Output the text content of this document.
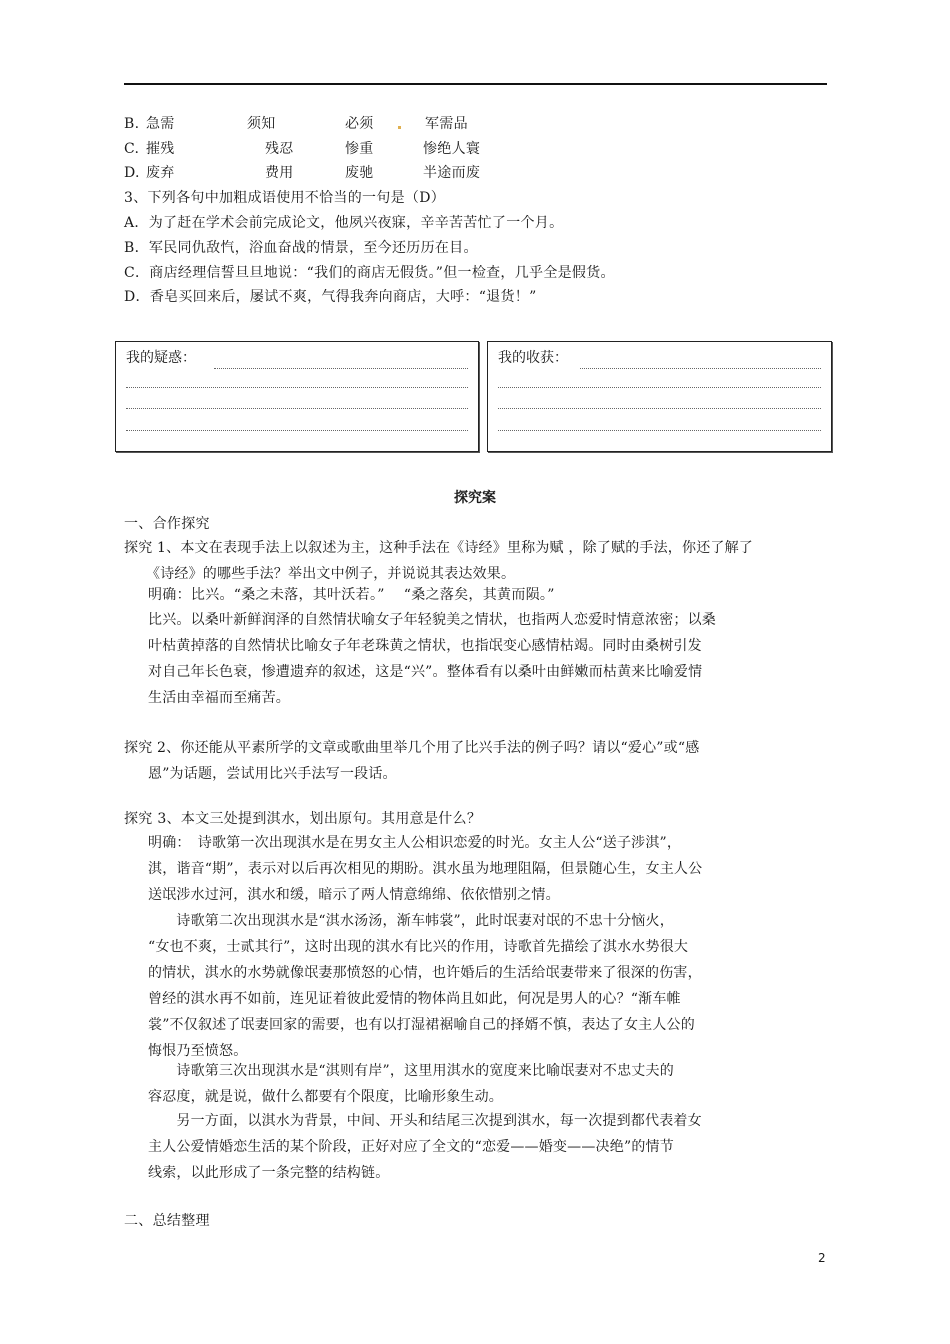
B. 急需	须知	必须	军需品
C. 摧残	残忍	惨重	惨绝人寰
D. 废弃	费用	废驰	半途而废
3、下列各句中加粗成语使用不恰当的一句是（D）
A．为了赶在学术会前完成论文，他夙兴夜寐，辛辛苦苦忙了一个月。
B．军民同仇敌忾，浴血奋战的情景，至今还历历在目。
C．商店经理信誓旦旦地说：“我们的商店无假货。”但一检查，几乎全是假货。
D．香皂买回来后，屡试不爽，气得我奔向商店，大呼：“退货！”
我的疑惑：	我的收获：
探究案
一、合作探究
探究 1、本文在表现手法上以叙述为主，这种手法在《诗经》里称为赋 ，除了赋的手法，你还了解了
《诗经》的哪些手法？举出文中例子，并说说其表达效果。
明确：比兴。“桑之未落，其叶沃若。”　 “桑之落矣，其黄而陨。”
比兴。以桑叶新鲜润泽的自然情状喻女子年轻貌美之情状，也指两人恋爱时情意浓密；以桑
叶枯黄掉落的自然情状比喻女子年老珠黄之情状，也指氓变心感情枯竭。同时由桑树引发
对自己年长色衰，惨遭遗弃的叙述，这是“兴”。整体看有以桑叶由鲜嫩而枯黄来比喻爱情
生活由幸福而至痛苦。
探究 2、你还能从平素所学的文章或歌曲里举几个用了比兴手法的例子吗？请以“爱心”或“感
恩”为话题，尝试用比兴手法写一段话。
探究 3、本文三处提到淇水，划出原句。其用意是什么？
明确：　诗歌第一次出现淇水是在男女主人公相识恋爱的时光。女主人公“送子涉淇”，
淇，谐音“期”，表示对以后再次相见的期盼。淇水虽为地理阻隔，但景随心生，女主人公
送氓涉水过河，淇水和缓，暗示了两人情意绵绵、依依惜别之情。
　　诗歌第二次出现淇水是“淇水汤汤，渐车帏裳”，此时氓妻对氓的不忠十分恼火，
“女也不爽，士贰其行”，这时出现的淇水有比兴的作用，诗歌首先描绘了淇水水势很大
的情状，淇水的水势就像氓妻那愤怒的心情，也许婚后的生活给氓妻带来了很深的伤害，
曾经的淇水再不如前，连见证着彼此爱情的物体尚且如此，何况是男人的心？“渐车帷
裳”不仅叙述了氓妻回家的需要，也有以打湿裙裾喻自己的择婿不慎，表达了女主人公的
悔恨乃至愤怒。
　　诗歌第三次出现淇水是“淇则有岸”，这里用淇水的宽度来比喻氓妻对不忠丈夫的
容忍度，就是说，做什么都要有个限度，比喻形象生动。
　　另一方面，以淇水为背景，中间、开头和结尾三次提到淇水，每一次提到都代表着女
主人公爱情婚恋生活的某个阶段，正好对应了全文的“恋爱——婚变——决绝”的情节
线索，以此形成了一条完整的结构链。
二、总结整理
2
